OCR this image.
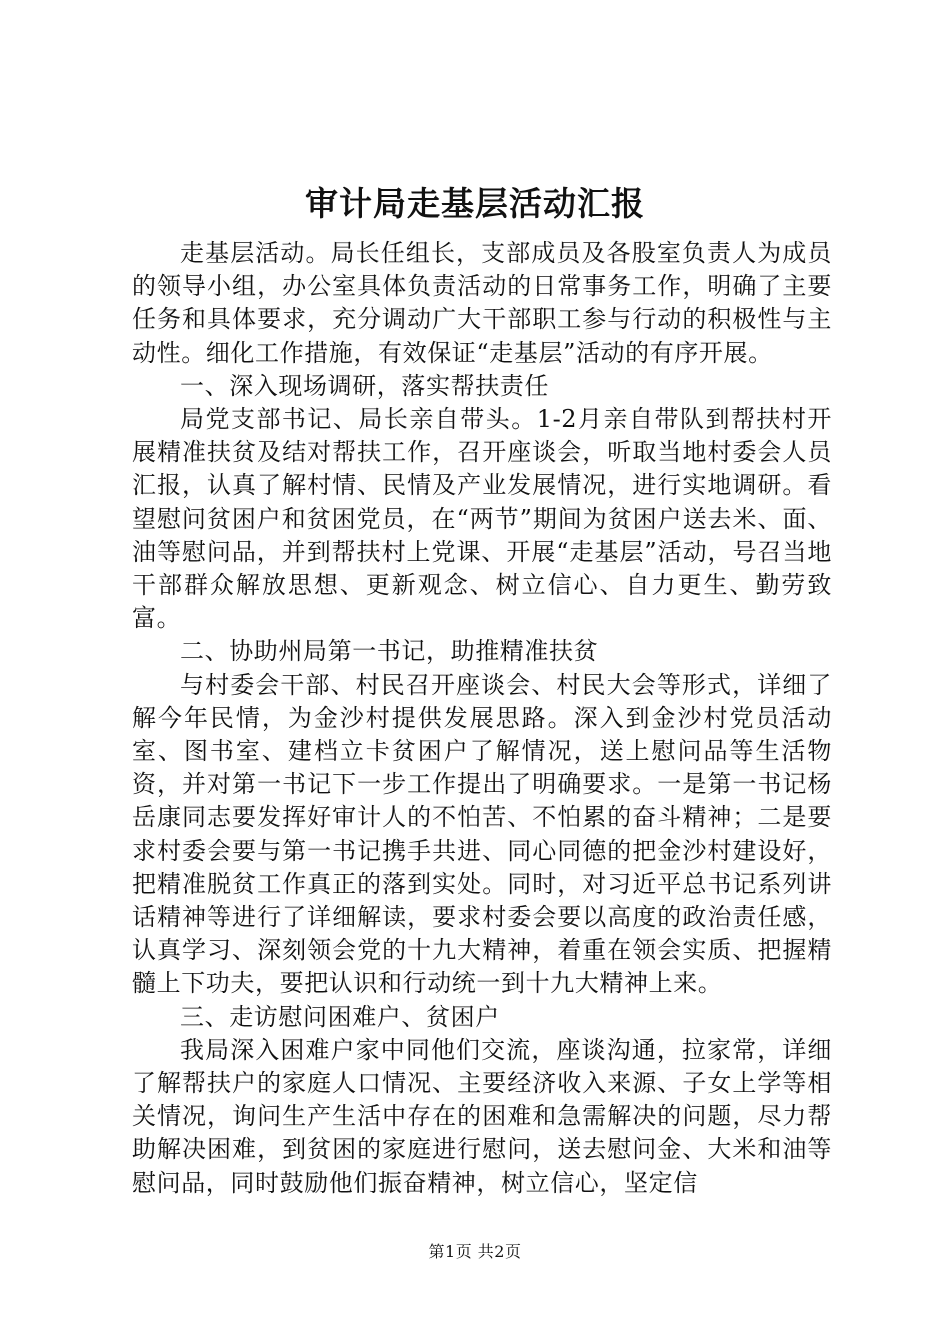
审计局走基层活动汇报

走基层活动。局长任组长，支部成员及各股室负责人为成员的领导小组，办公室具体负责活动的日常事务工作，明确了主要任务和具体要求，充分调动广大干部职工参与行动的积极性与主动性。细化工作措施，有效保证“走基层”活动的有序开展。

一、深入现场调研，落实帮扶责任

局党支部书记、局长亲自带头。1-2月亲自带队到帮扶村开展精准扶贫及结对帮扶工作，召开座谈会，听取当地村委会人员汇报，认真了解村情、民情及产业发展情况，进行实地调研。看望慰问贫困户和贫困党员，在“两节”期间为贫困户送去米、面、油等慰问品，并到帮扶村上党课、开展“走基层”活动，号召当地干部群众解放思想、更新观念、树立信心、自力更生、勤劳致富。

二、协助州局第一书记，助推精准扶贫

与村委会干部、村民召开座谈会、村民大会等形式，详细了解今年民情，为金沙村提供发展思路。深入到金沙村党员活动室、图书室、建档立卡贫困户了解情况，送上慰问品等生活物资，并对第一书记下一步工作提出了明确要求。一是第一书记杨岳康同志要发挥好审计人的不怕苦、不怕累的奋斗精神；二是要求村委会要与第一书记携手共进、同心同德的把金沙村建设好，把精准脱贫工作真正的落到实处。同时，对习近平总书记系列讲话精神等进行了详细解读，要求村委会要以高度的政治责任感，认真学习、深刻领会党的十九大精神，着重在领会实质、把握精髓上下功夫，要把认识和行动统一到十九大精神上来。

三、走访慰问困难户、贫困户

我局深入困难户家中同他们交流，座谈沟通，拉家常，详细了解帮扶户的家庭人口情况、主要经济收入来源、子女上学等相关情况，询问生产生活中存在的困难和急需解决的问题，尽力帮助解决困难，到贫困的家庭进行慰问，送去慰问金、大米和油等慰问品，同时鼓励他们振奋精神，树立信心，坚定信

第1页 共2页
